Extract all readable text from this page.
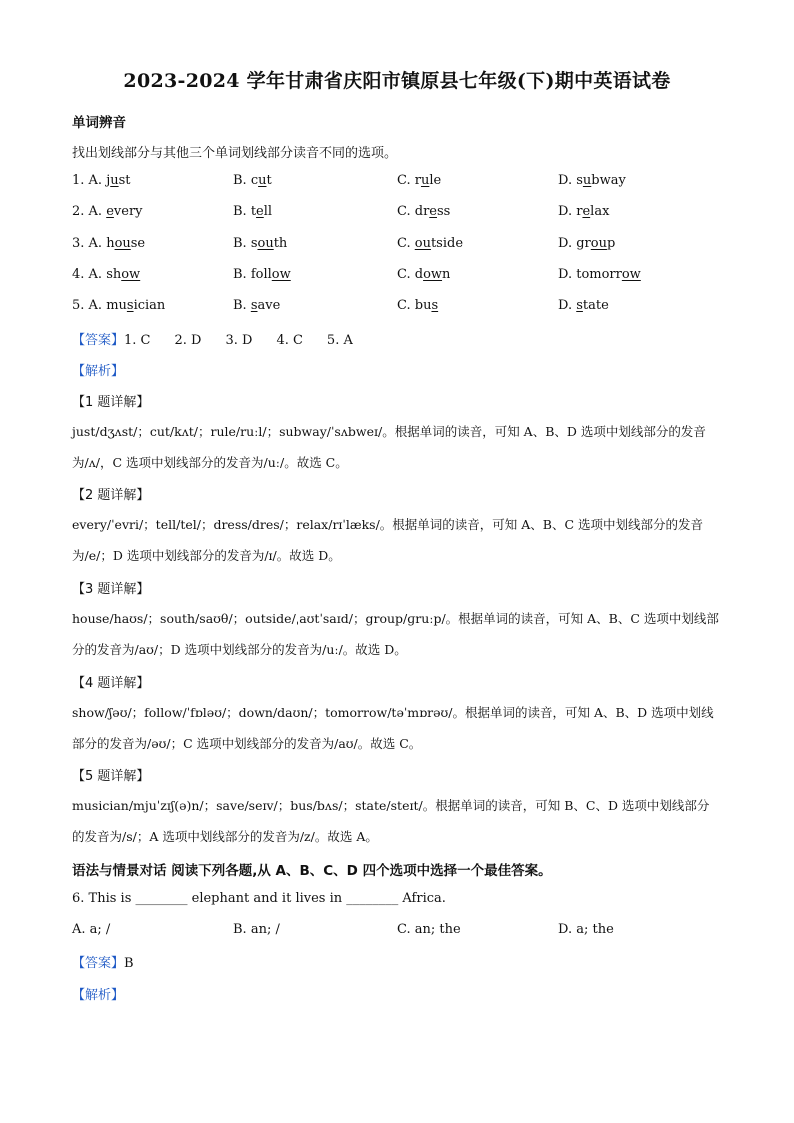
2023-2024 学年甘肃省庆阳市镇原县七年级(下)期中英语试卷
单词辨音
找出划线部分与其他三个单词划线部分读音不同的选项。
1. A. just	B. cut	C. rule	D. subway
2. A. every	B. tell	C. dress	D. relax
3. A. house	B. south	C. outside	D. group
4. A. show	B. follow	C. down	D. tomorrow
5. A. musician	B. save	C. bus	D. state
【答案】1. C 2. D 3. D 4. C 5. A
【解析】
【1 题详解】
just/dʒʌst/；cut/kʌt/；rule/ruːl/；subway/ˈsʌbweɪ/。根据单词的读音，可知 A、B、D 选项中划线部分的发音
为/ʌ/，C 选项中划线部分的发音为/uː/。故选 C。
【2 题详解】
every/ˈevri/；tell/tel/；dress/dres/；relax/rɪˈlæks/。根据单词的读音，可知 A、B、C 选项中划线部分的发音
为/e/；D 选项中划线部分的发音为/ɪ/。故选 D。
【3 题详解】
house/haʊs/；south/saʊθ/；outside/ˌaʊtˈsaɪd/；group/ɡruːp/。根据单词的读音，可知 A、B、C 选项中划线部
分的发音为/aʊ/；D 选项中划线部分的发音为/uː/。故选 D。
【4 题详解】
show/ʃəʊ/；follow/ˈfɒləʊ/；down/daʊn/；tomorrow/təˈmɒrəʊ/。根据单词的读音，可知 A、B、D 选项中划线
部分的发音为/əʊ/；C 选项中划线部分的发音为/aʊ/。故选 C。
【5 题详解】
musician/mjuˈzɪʃ(ə)n/；save/seɪv/；bus/bʌs/；state/steɪt/。根据单词的读音，可知 B、C、D 选项中划线部分
的发音为/s/；A 选项中划线部分的发音为/z/。故选 A。
语法与情景对话 阅读下列各题,从 A、B、C、D 四个选项中选择一个最佳答案。
6. This is ________ elephant and it lives in ________ Africa.
A. a; /	B. an; /	C. an; the	D. a; the
【答案】B
【解析】
